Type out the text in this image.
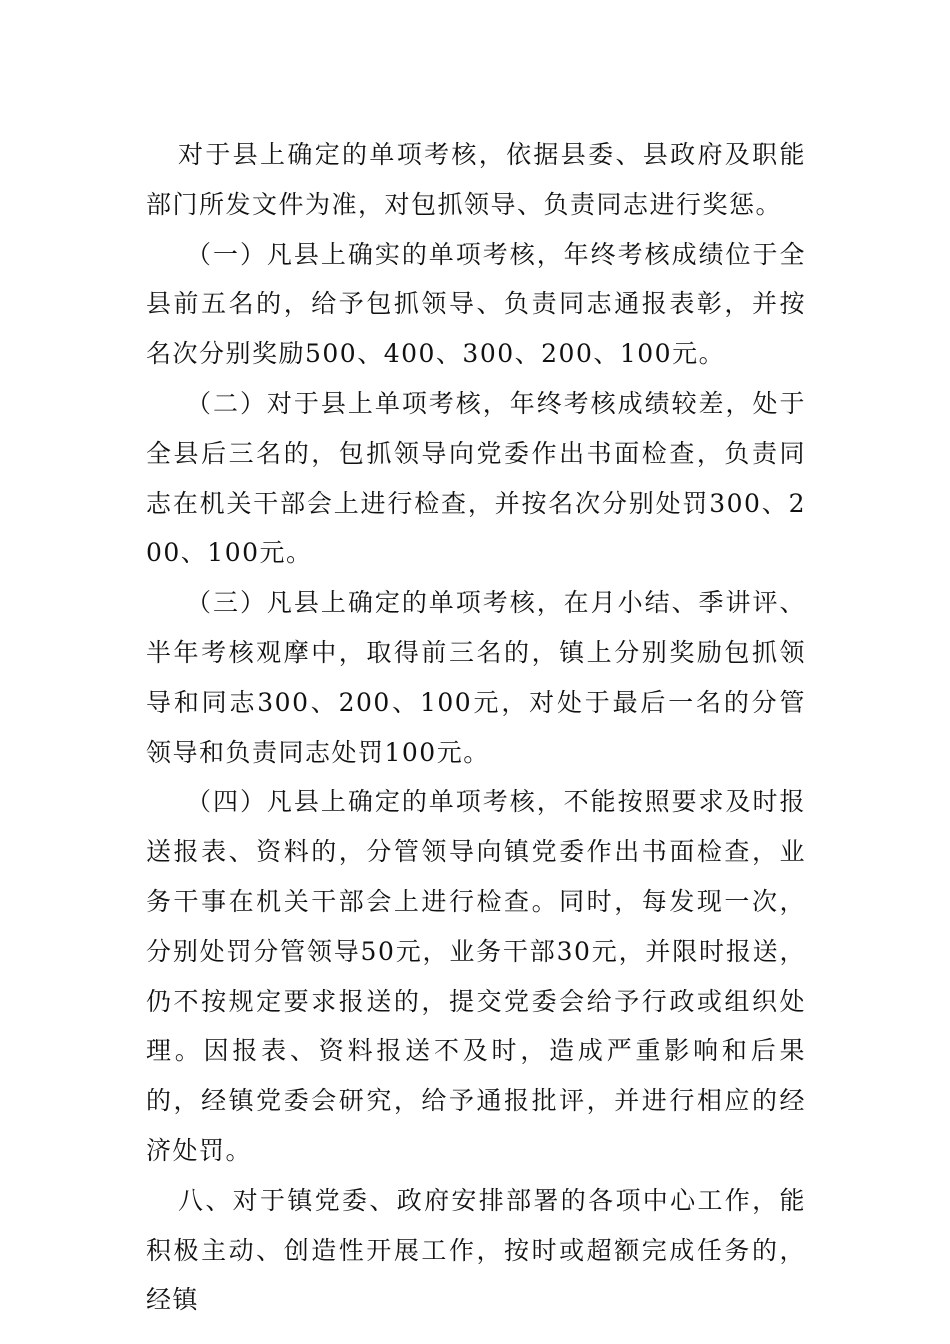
对于县上确定的单项考核，依据县委、县政府及职能部门所发文件为准，对包抓领导、负责同志进行奖惩。

（一）凡县上确实的单项考核，年终考核成绩位于全县前五名的，给予包抓领导、负责同志通报表彰，并按名次分别奖励500、400、300、200、100元。

（二）对于县上单项考核，年终考核成绩较差，处于全县后三名的，包抓领导向党委作出书面检查，负责同志在机关干部会上进行检查，并按名次分别处罚300、200、100元。

（三）凡县上确定的单项考核，在月小结、季讲评、半年考核观摩中，取得前三名的，镇上分别奖励包抓领导和同志300、200、100元，对处于最后一名的分管领导和负责同志处罚100元。

（四）凡县上确定的单项考核，不能按照要求及时报送报表、资料的，分管领导向镇党委作出书面检查，业务干事在机关干部会上进行检查。同时，每发现一次，分别处罚分管领导50元，业务干部30元，并限时报送，仍不按规定要求报送的，提交党委会给予行政或组织处理。因报表、资料报送不及时，造成严重影响和后果的，经镇党委会研究，给予通报批评，并进行相应的经济处罚。

八、对于镇党委、政府安排部署的各项中心工作，能积极主动、创造性开展工作，按时或超额完成任务的，经镇
